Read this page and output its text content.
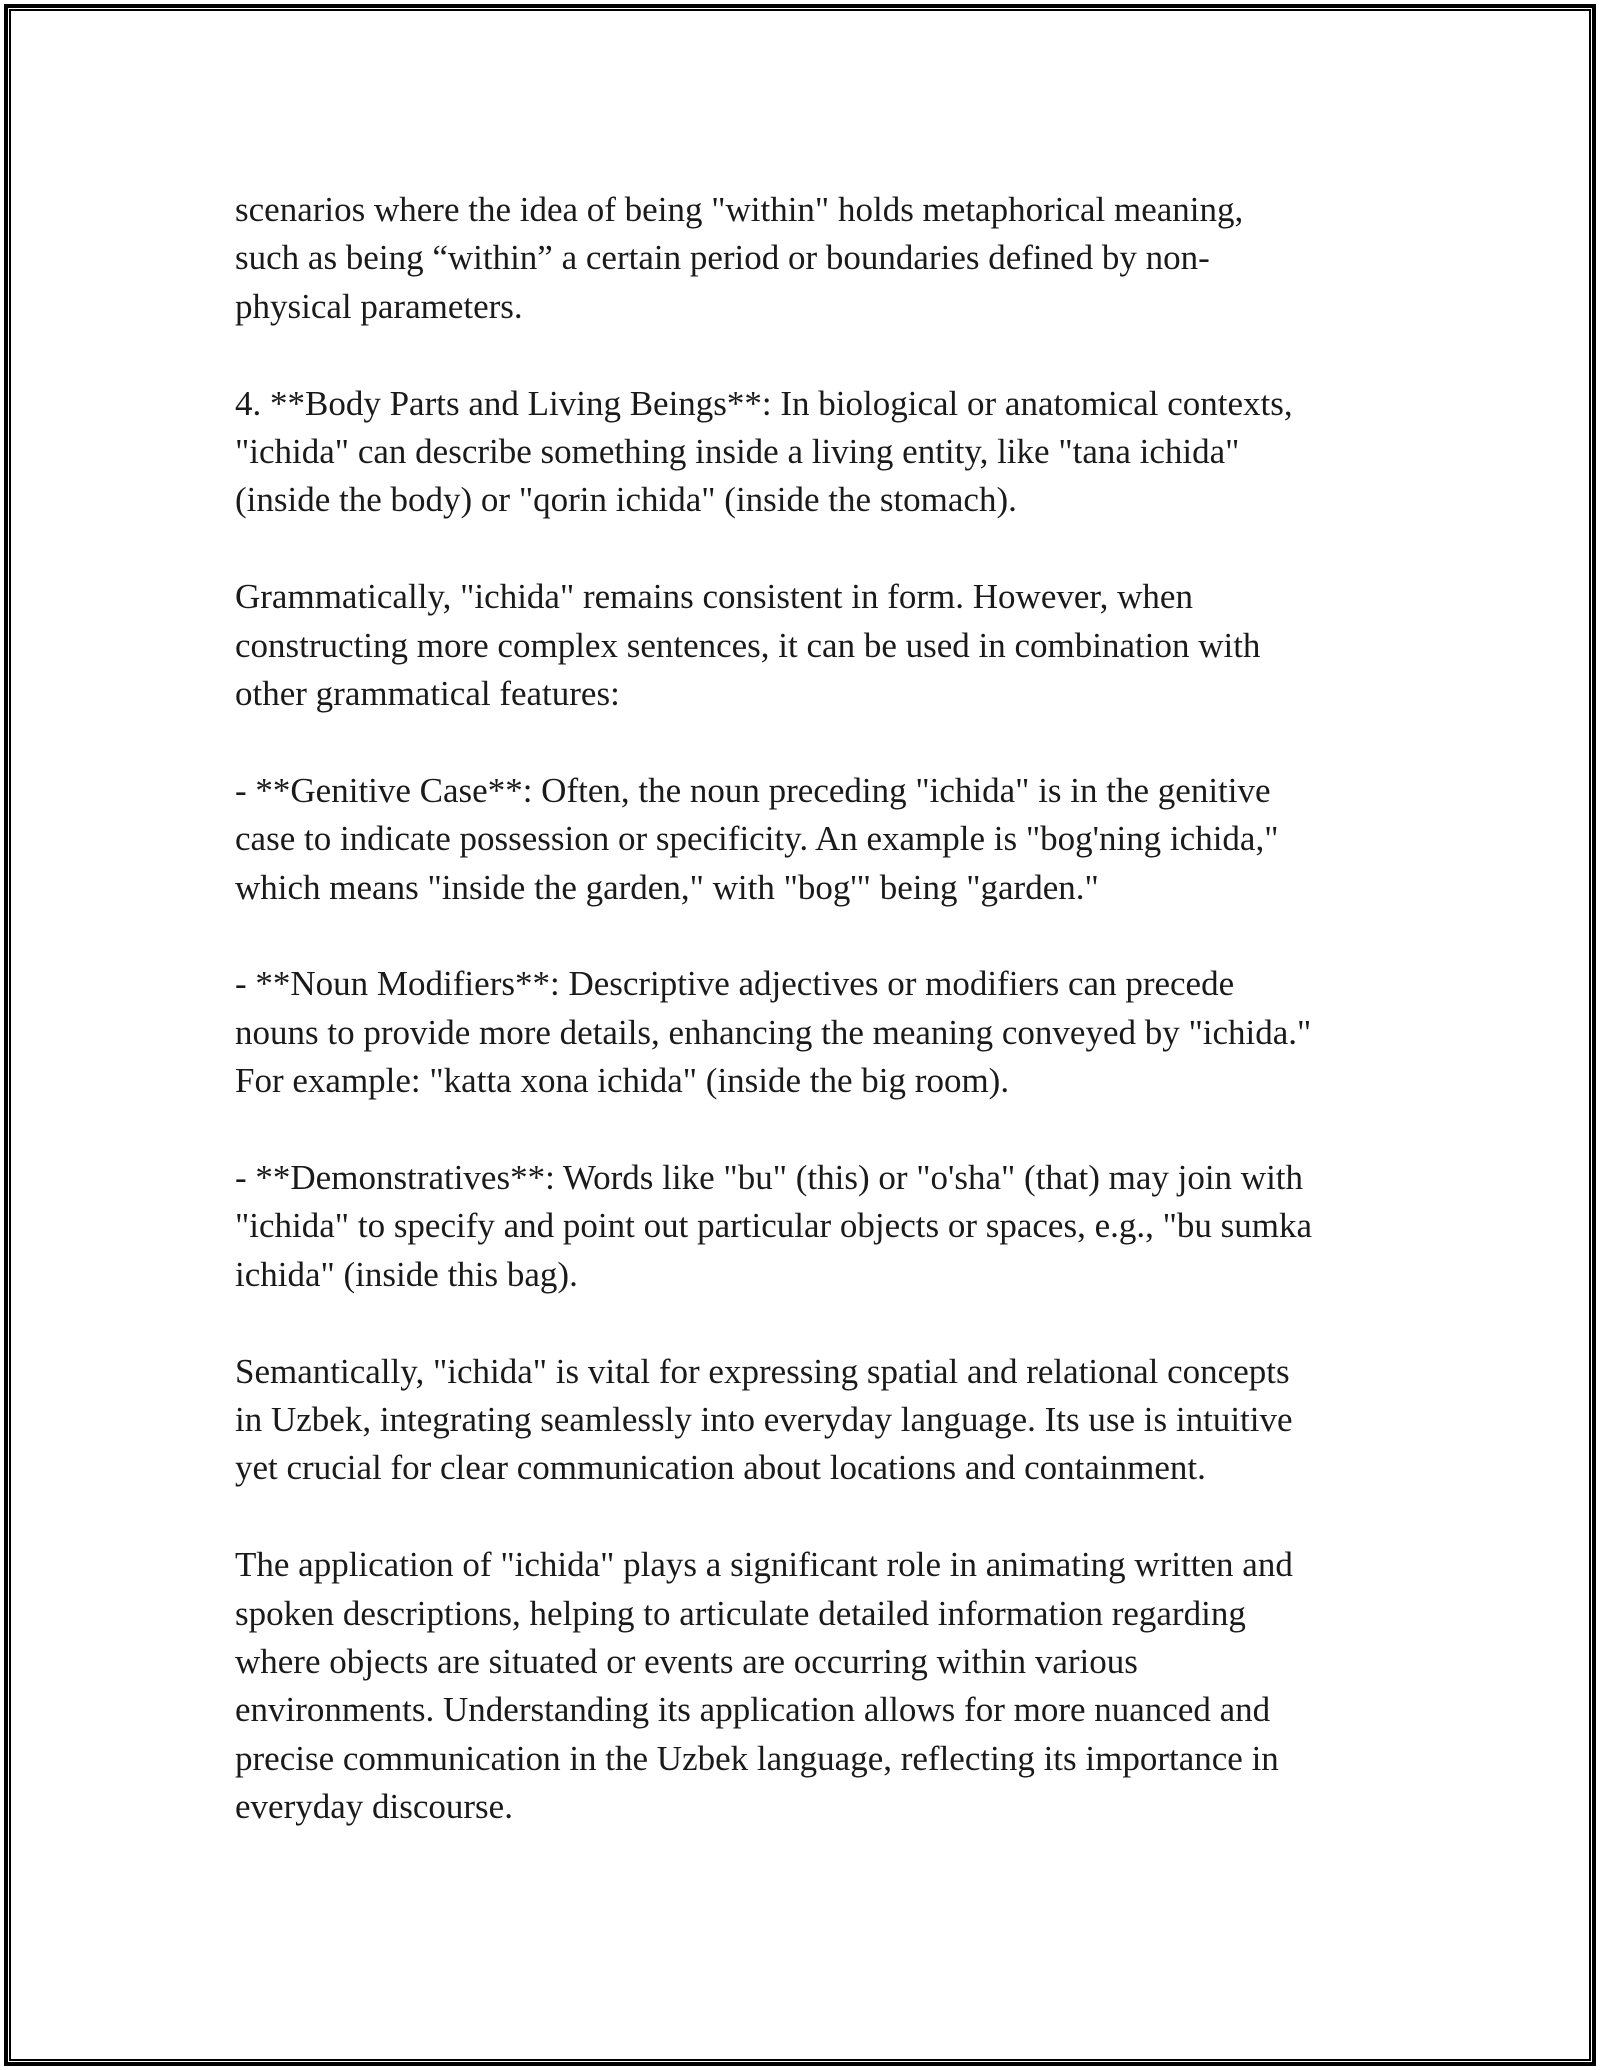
scenarios where the idea of being "within" holds metaphorical meaning,
such as being “within” a certain period or boundaries defined by non-
physical parameters.

4. **Body Parts and Living Beings**: In biological or anatomical contexts,
"ichida" can describe something inside a living entity, like "tana ichida"
(inside the body) or "qorin ichida" (inside the stomach).

Grammatically, "ichida" remains consistent in form. However, when
constructing more complex sentences, it can be used in combination with
other grammatical features:

- **Genitive Case**: Often, the noun preceding "ichida" is in the genitive
case to indicate possession or specificity. An example is "bog'ning ichida,"
which means "inside the garden," with "bog'" being "garden."

- **Noun Modifiers**: Descriptive adjectives or modifiers can precede
nouns to provide more details, enhancing the meaning conveyed by "ichida."
For example: "katta xona ichida" (inside the big room).

- **Demonstratives**: Words like "bu" (this) or "o'sha" (that) may join with
"ichida" to specify and point out particular objects or spaces, e.g., "bu sumka
ichida" (inside this bag).

Semantically, "ichida" is vital for expressing spatial and relational concepts
in Uzbek, integrating seamlessly into everyday language. Its use is intuitive
yet crucial for clear communication about locations and containment.

The application of "ichida" plays a significant role in animating written and
spoken descriptions, helping to articulate detailed information regarding
where objects are situated or events are occurring within various
environments. Understanding its application allows for more nuanced and
precise communication in the Uzbek language, reflecting its importance in
everyday discourse.
